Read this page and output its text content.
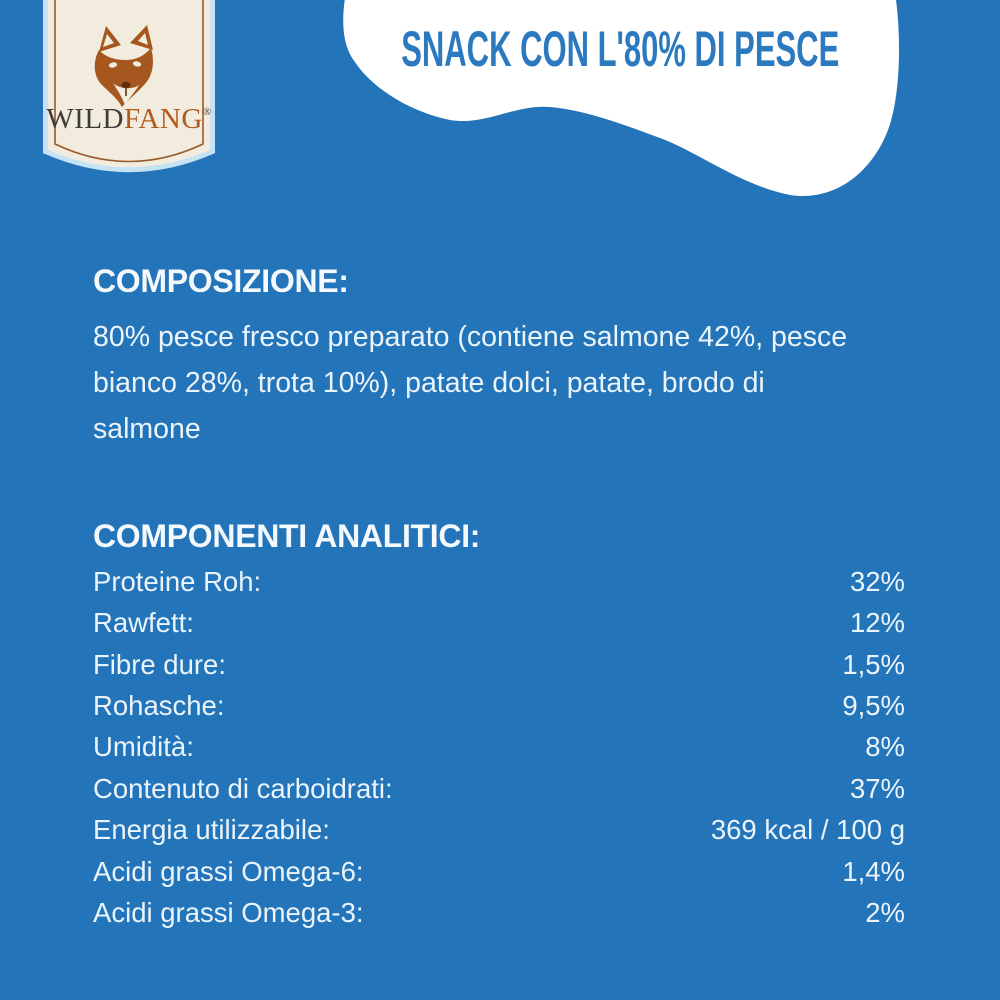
SNACK CON L'80% DI PESCE
WILDFANG®
COMPOSIZIONE:
80% pesce fresco preparato (contiene salmone 42%, pesce
bianco 28%, trota 10%), patate dolci, patate, brodo di
salmone
COMPONENTI ANALITICI:
Proteine Roh:	32%
Rawfett:	12%
Fibre dure:	1,5%
Rohasche:	9,5%
Umidità:	8%
Contenuto di carboidrati:	37%
Energia utilizzabile:	369 kcal / 100 g
Acidi grassi Omega-6:	1,4%
Acidi grassi Omega-3:	2%
